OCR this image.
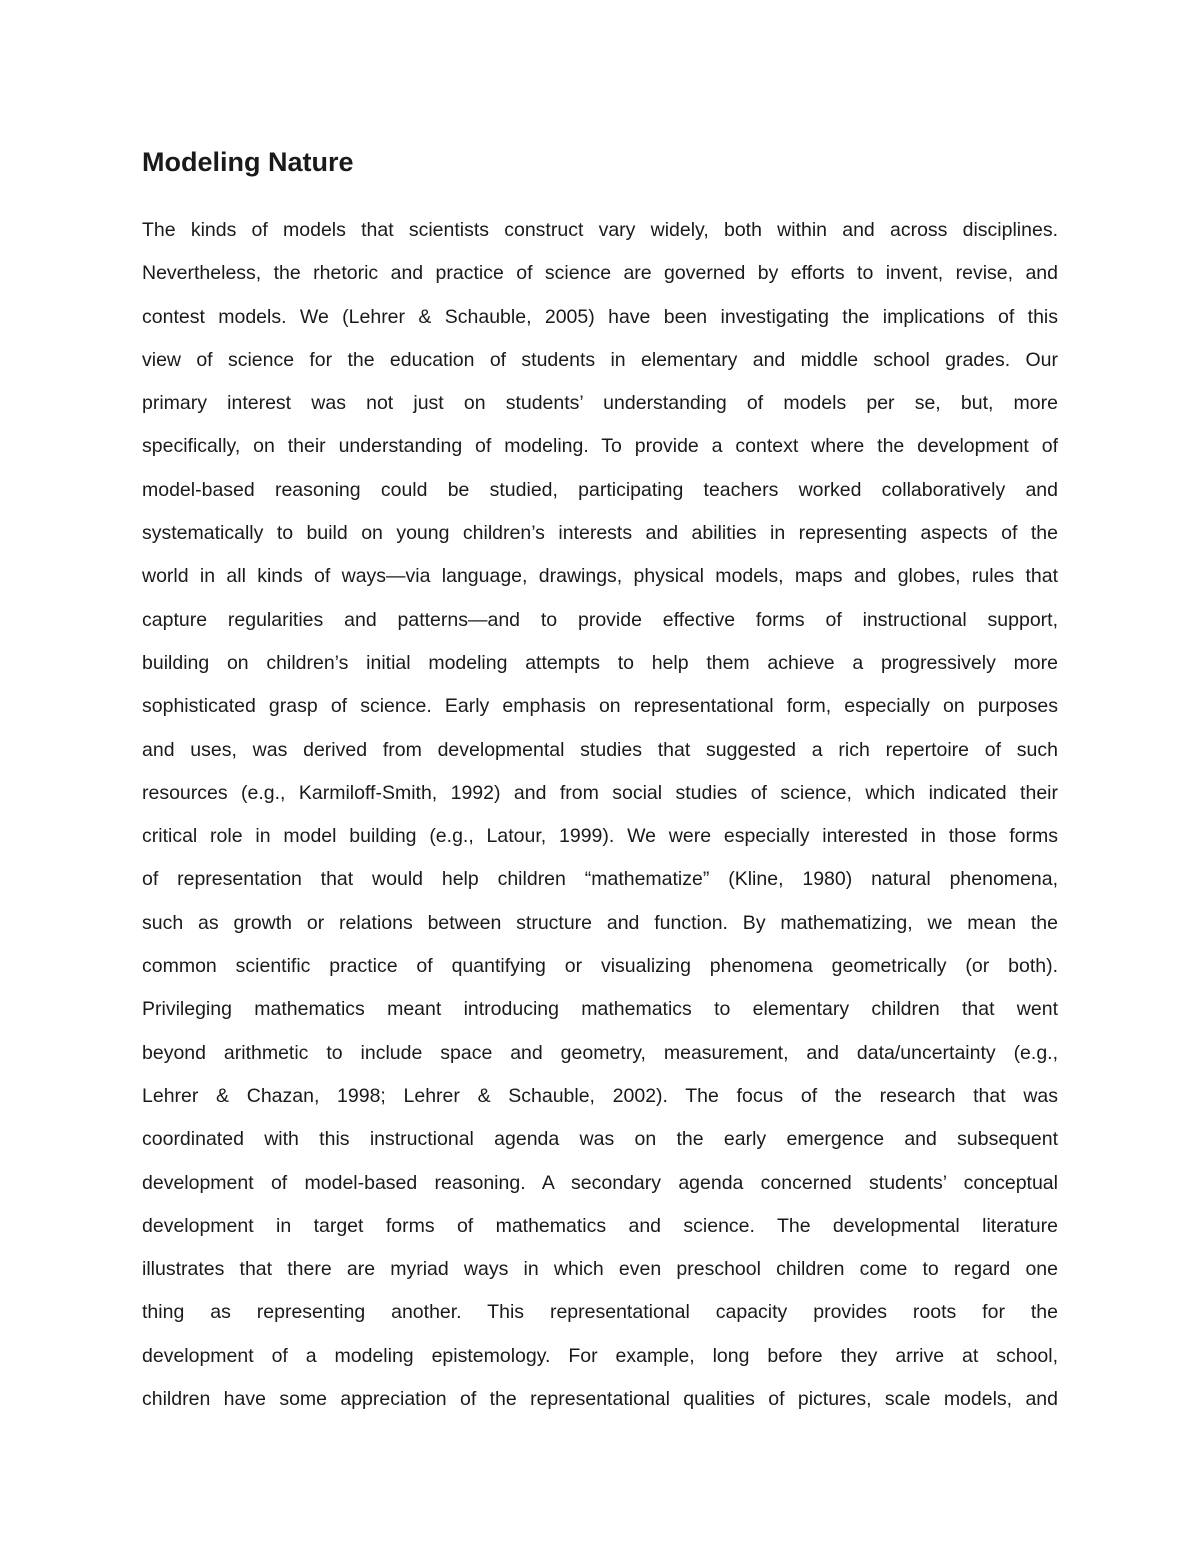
Modeling Nature
The kinds of models that scientists construct vary widely, both within and across disciplines.
Nevertheless, the rhetoric and practice of science are governed by efforts to invent, revise, and
contest models. We (Lehrer & Schauble, 2005) have been investigating the implications of this
view of science for the education of students in elementary and middle school grades. Our
primary interest was not just on students’ understanding of models per se, but, more
specifically, on their understanding of modeling. To provide a context where the development of
model-based reasoning could be studied, participating teachers worked collaboratively and
systematically to build on young children’s interests and abilities in representing aspects of the
world in all kinds of ways—via language, drawings, physical models, maps and globes, rules that
capture regularities and patterns—and to provide effective forms of instructional support,
building on children’s initial modeling attempts to help them achieve a progressively more
sophisticated grasp of science. Early emphasis on representational form, especially on purposes
and uses, was derived from developmental studies that suggested a rich repertoire of such
resources (e.g., Karmiloff-Smith, 1992) and from social studies of science, which indicated their
critical role in model building (e.g., Latour, 1999). We were especially interested in those forms
of representation that would help children “mathematize” (Kline, 1980) natural phenomena,
such as growth or relations between structure and function. By mathematizing, we mean the
common scientific practice of quantifying or visualizing phenomena geometrically (or both).
Privileging mathematics meant introducing mathematics to elementary children that went
beyond arithmetic to include space and geometry, measurement, and data/uncertainty (e.g.,
Lehrer & Chazan, 1998; Lehrer & Schauble, 2002). The focus of the research that was
coordinated with this instructional agenda was on the early emergence and subsequent
development of model-based reasoning. A secondary agenda concerned students’ conceptual
development in target forms of mathematics and science. The developmental literature
illustrates that there are myriad ways in which even preschool children come to regard one
thing as representing another. This representational capacity provides roots for the
development of a modeling epistemology. For example, long before they arrive at school,
children have some appreciation of the representational qualities of pictures, scale models, and
